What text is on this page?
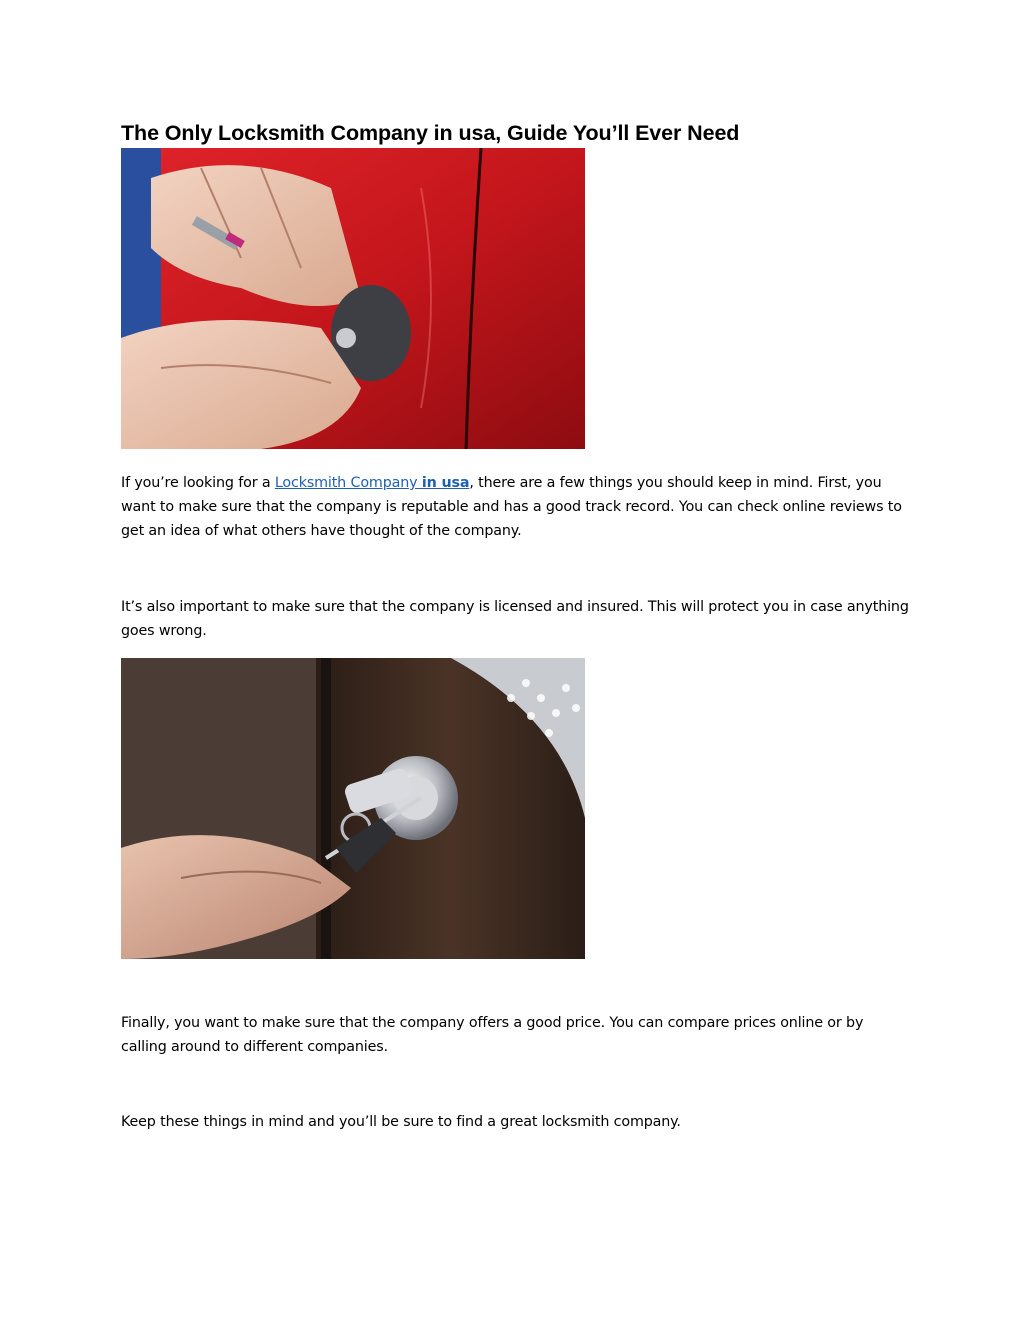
The Only Locksmith Company in usa, Guide You’ll Ever Need

If you’re looking for a Locksmith Company in usa, there are a few things you should keep in mind. First, you want to make sure that the company is reputable and has a good track record. You can check online reviews to get an idea of what others have thought of the company.

It’s also important to make sure that the company is licensed and insured. This will protect you in case anything goes wrong.

Finally, you want to make sure that the company offers a good price. You can compare prices online or by calling around to different companies.

Keep these things in mind and you’ll be sure to find a great locksmith company.
